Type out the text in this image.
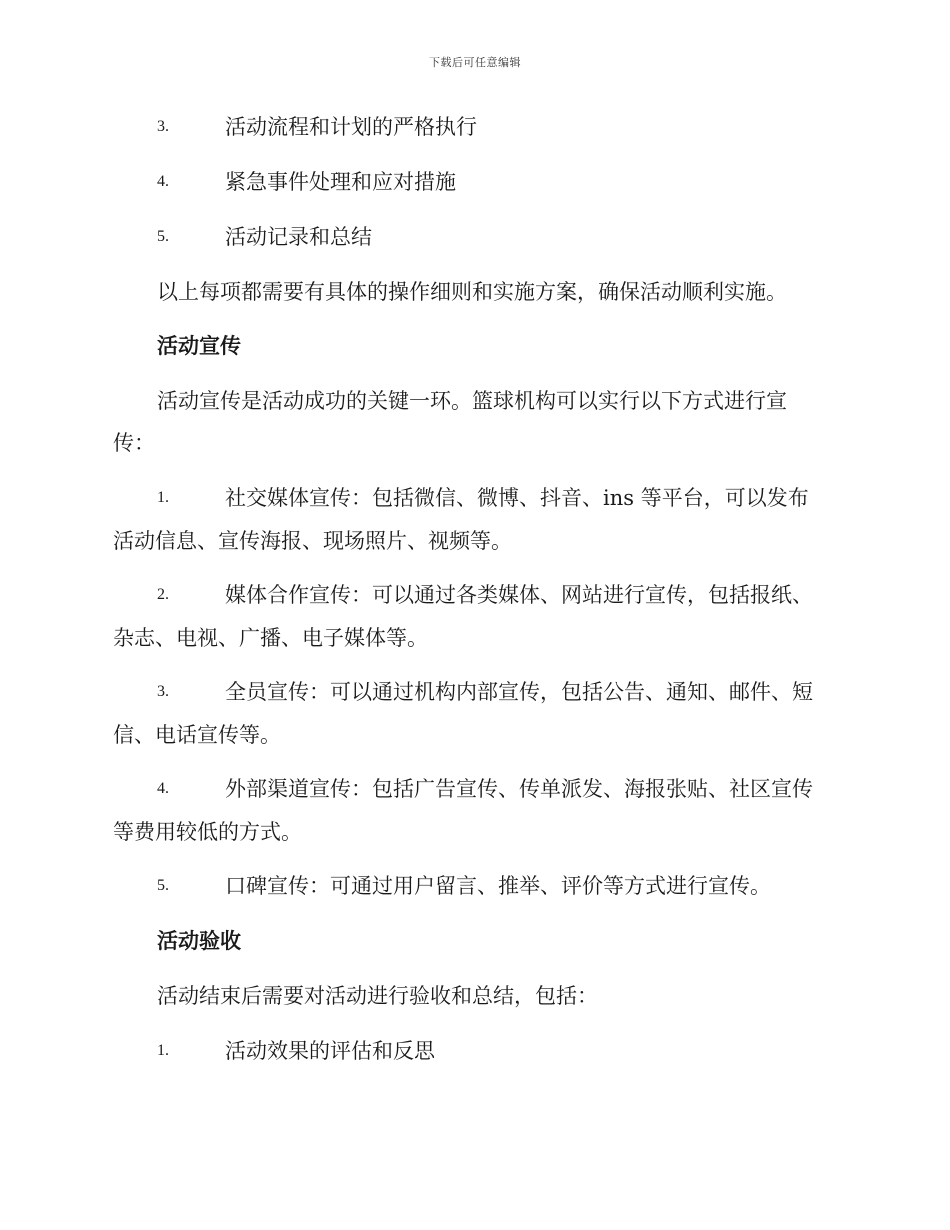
下载后可任意编辑
3.	活动流程和计划的严格执行
4.	紧急事件处理和应对措施
5.	活动记录和总结
以上每项都需要有具体的操作细则和实施方案，确保活动顺利实施。
活动宣传
活动宣传是活动成功的关键一环。篮球机构可以实行以下方式进行宣
传：
1.	社交媒体宣传：包括微信、微博、抖音、ins 等平台，可以发布
活动信息、宣传海报、现场照片、视频等。
2.	媒体合作宣传：可以通过各类媒体、网站进行宣传，包括报纸、
杂志、电视、广播、电子媒体等。
3.	全员宣传：可以通过机构内部宣传，包括公告、通知、邮件、短
信、电话宣传等。
4.	外部渠道宣传：包括广告宣传、传单派发、海报张贴、社区宣传
等费用较低的方式。
5.	口碑宣传：可通过用户留言、推举、评价等方式进行宣传。
活动验收
活动结束后需要对活动进行验收和总结，包括：
1.	活动效果的评估和反思
